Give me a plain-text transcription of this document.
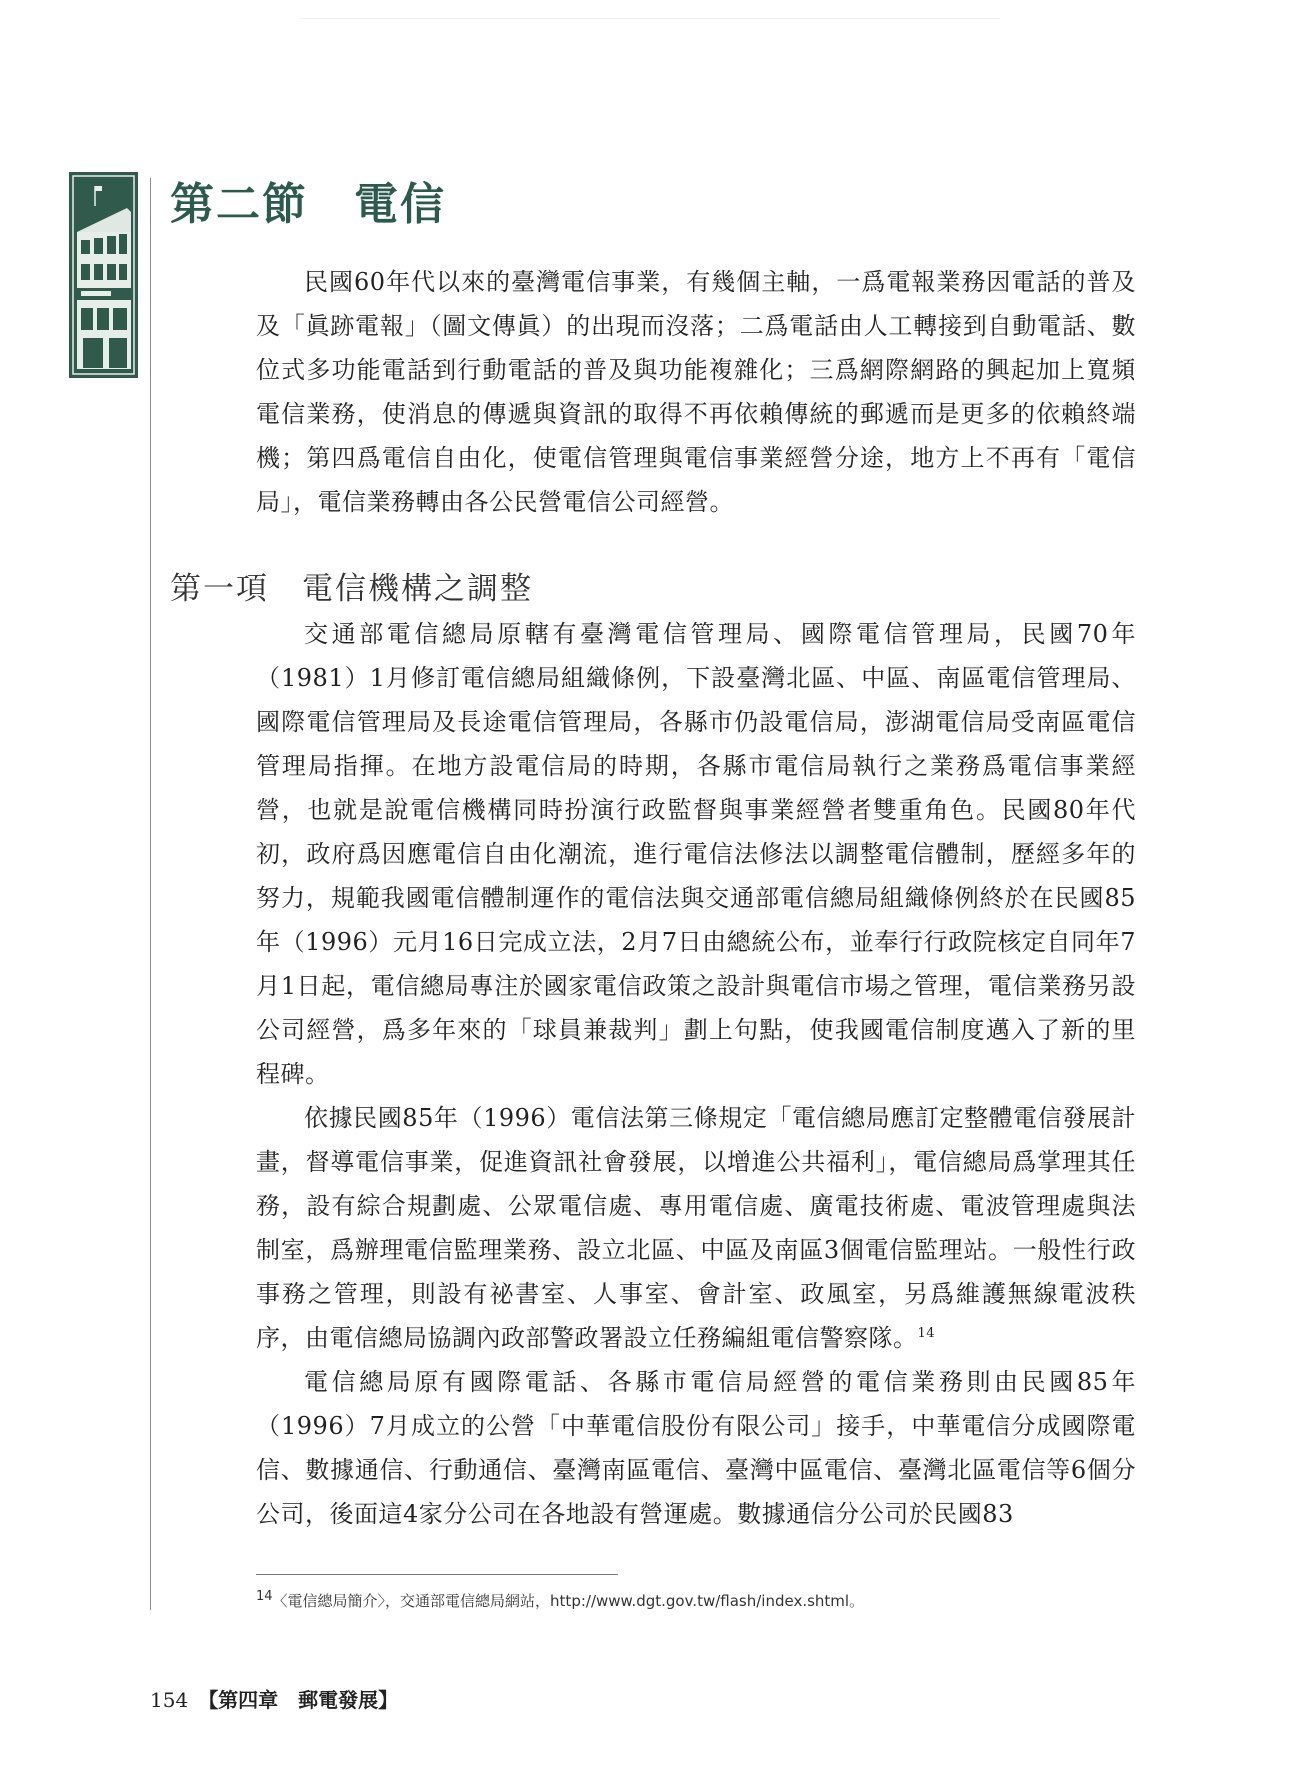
第二節　電信

民國60年代以來的臺灣電信事業，有幾個主軸，一爲電報業務因電話的普及及「眞跡電報」（圖文傳眞）的出現而沒落；二爲電話由人工轉接到自動電話、數位式多功能電話到行動電話的普及與功能複雜化；三爲網際網路的興起加上寬頻電信業務，使消息的傳遞與資訊的取得不再依賴傳統的郵遞而是更多的依賴終端機；第四爲電信自由化，使電信管理與電信事業經營分途，地方上不再有「電信局」，電信業務轉由各公民營電信公司經營。

第一項　電信機構之調整

交通部電信總局原轄有臺灣電信管理局、國際電信管理局，民國70年（1981）1月修訂電信總局組織條例，下設臺灣北區、中區、南區電信管理局、國際電信管理局及長途電信管理局，各縣市仍設電信局，澎湖電信局受南區電信管理局指揮。在地方設電信局的時期，各縣市電信局執行之業務爲電信事業經營，也就是說電信機構同時扮演行政監督與事業經營者雙重角色。民國80年代初，政府爲因應電信自由化潮流，進行電信法修法以調整電信體制，歷經多年的努力，規範我國電信體制運作的電信法與交通部電信總局組織條例終於在民國85年（1996）元月16日完成立法，2月7日由總統公布，並奉行行政院核定自同年7月1日起，電信總局專注於國家電信政策之設計與電信市場之管理，電信業務另設公司經營，爲多年來的「球員兼裁判」劃上句點，使我國電信制度邁入了新的里程碑。

依據民國85年（1996）電信法第三條規定「電信總局應訂定整體電信發展計畫，督導電信事業，促進資訊社會發展，以增進公共福利」，電信總局爲掌理其任務，設有綜合規劃處、公眾電信處、專用電信處、廣電技術處、電波管理處與法制室，爲辦理電信監理業務、設立北區、中區及南區3個電信監理站。一般性行政事務之管理，則設有祕書室、人事室、會計室、政風室，另爲維護無線電波秩序，由電信總局協調內政部警政署設立任務編組電信警察隊。$^{14}$

電信總局原有國際電話、各縣市電信局經營的電信業務則由民國85年（1996）7月成立的公營「中華電信股份有限公司」接手，中華電信分成國際電信、數據通信、行動通信、臺灣南區電信、臺灣中區電信、臺灣北區電信等6個分公司，後面這4家分公司在各地設有營運處。數據通信分公司於民國83

$^{14}$〈電信總局簡介〉，交通部電信總局網站，http://www.dgt.gov.tw/flash/index.shtml。
154 【第四章　郵電發展】
